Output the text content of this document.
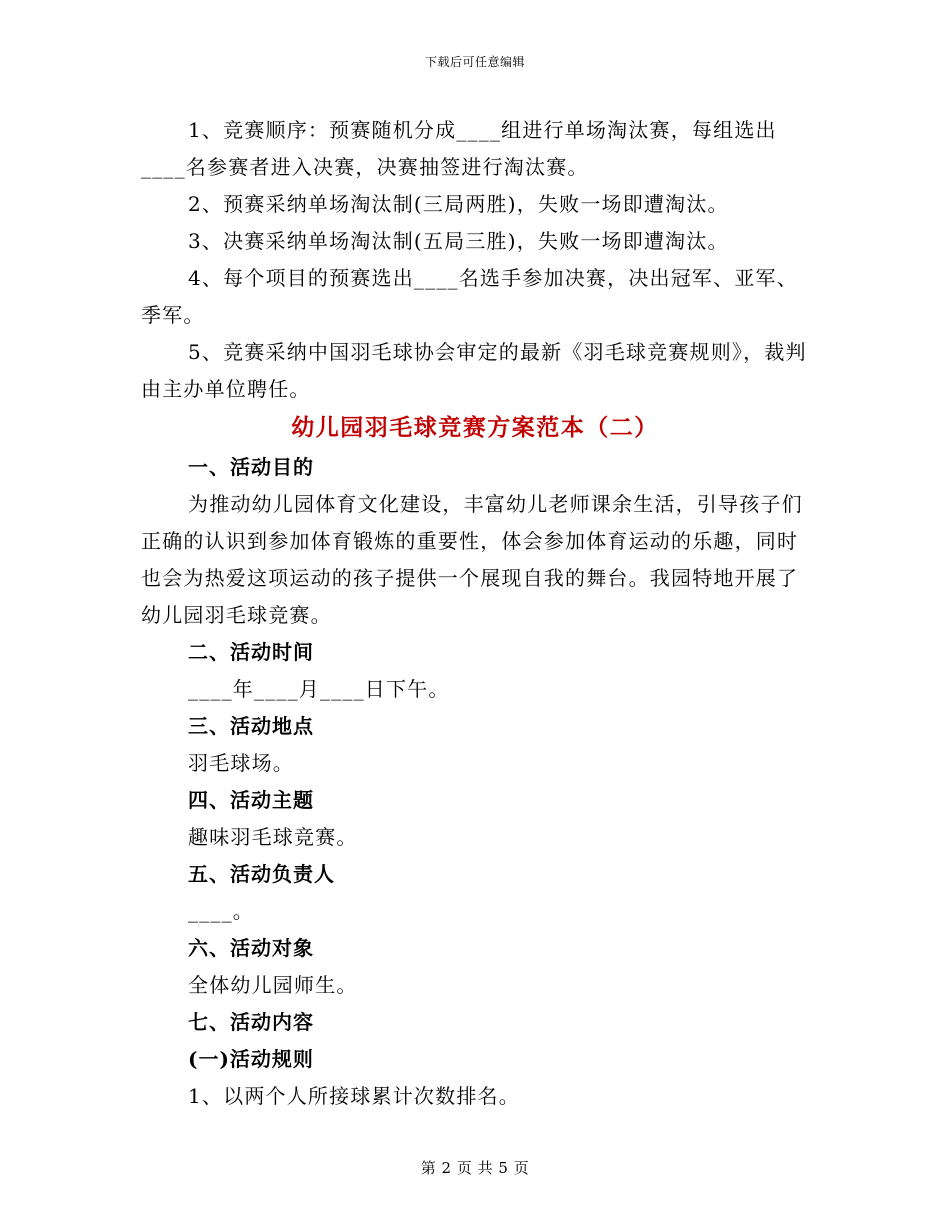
下载后可任意编辑

1、竞赛顺序：预赛随机分成____组进行单场淘汰赛，每组选出____名参赛者进入决赛，决赛抽签进行淘汰赛。

2、预赛采纳单场淘汰制(三局两胜)，失败一场即遭淘汰。

3、决赛采纳单场淘汰制(五局三胜)，失败一场即遭淘汰。

4、每个项目的预赛选出____名选手参加决赛，决出冠军、亚军、季军。

5、竞赛采纳中国羽毛球协会审定的最新《羽毛球竞赛规则》，裁判由主办单位聘任。

幼儿园羽毛球竞赛方案范本（二）

一、活动目的

为推动幼儿园体育文化建设，丰富幼儿老师课余生活，引导孩子们正确的认识到参加体育锻炼的重要性，体会参加体育运动的乐趣，同时也会为热爱这项运动的孩子提供一个展现自我的舞台。我园特地开展了幼儿园羽毛球竞赛。

二、活动时间

____年____月____日下午。

三、活动地点

羽毛球场。

四、活动主题

趣味羽毛球竞赛。

五、活动负责人

____。

六、活动对象

全体幼儿园师生。

七、活动内容

(一)活动规则

1、以两个人所接球累计次数排名。

第 2 页 共 5 页
